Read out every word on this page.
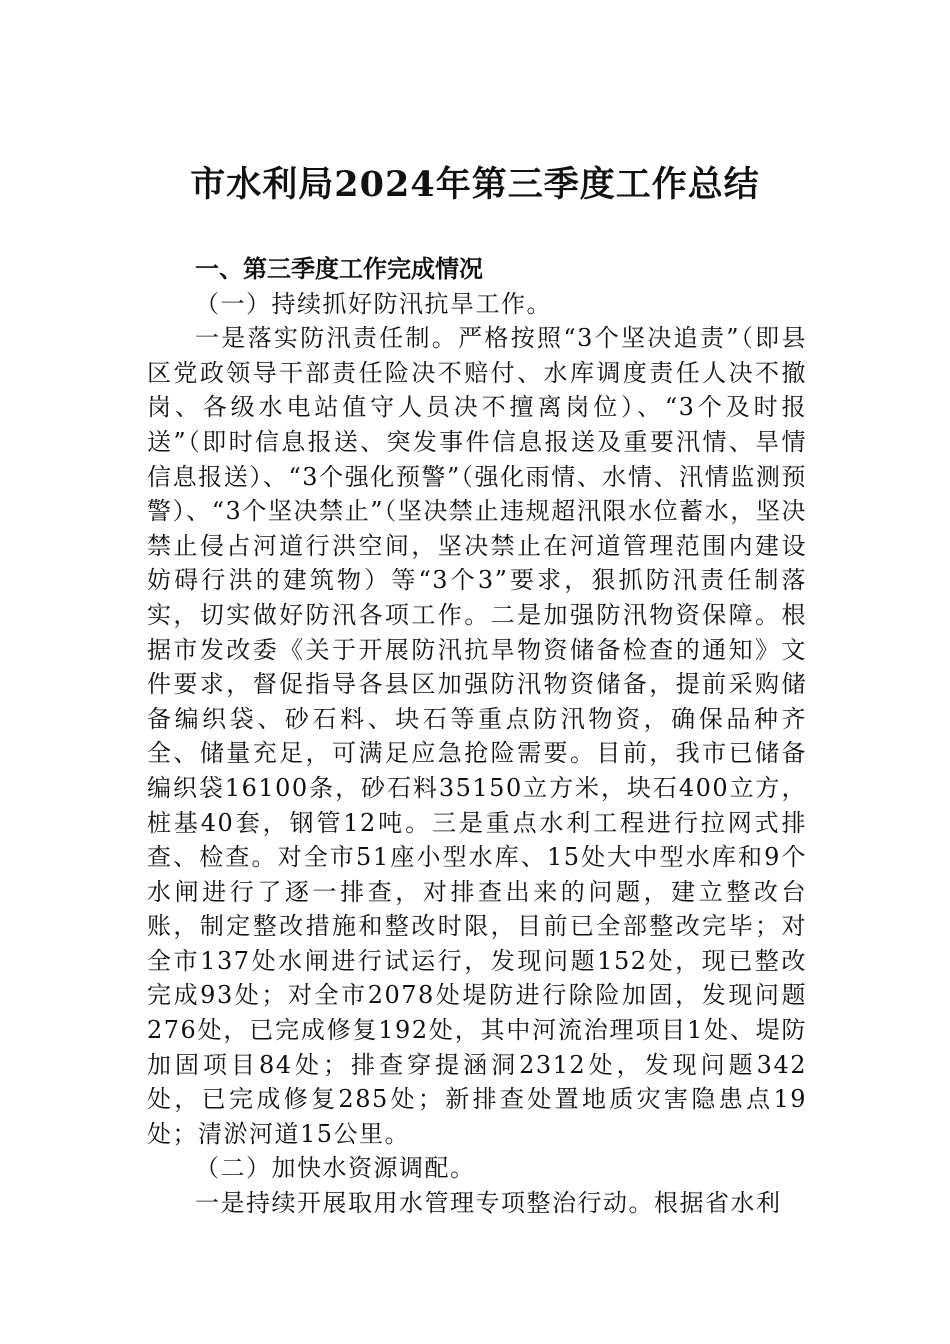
市水利局2024年第三季度工作总结

一、第三季度工作完成情况

（一）持续抓好防汛抗旱工作。

一是落实防汛责任制。严格按照“3个坚决追责”（即县区党政领导干部责任险决不赔付、水库调度责任人决不撤岗、各级水电站值守人员决不擅离岗位）、“3个及时报送”（即时信息报送、突发事件信息报送及重要汛情、旱情信息报送）、“3个强化预警”（强化雨情、水情、汛情监测预警）、“3个坚决禁止”（坚决禁止违规超汛限水位蓄水，坚决禁止侵占河道行洪空间，坚决禁止在河道管理范围内建设妨碍行洪的建筑物）等“3个3”要求，狠抓防汛责任制落实，切实做好防汛各项工作。二是加强防汛物资保障。根据市发改委《关于开展防汛抗旱物资储备检查的通知》文件要求，督促指导各县区加强防汛物资储备，提前采购储备编织袋、砂石料、块石等重点防汛物资，确保品种齐全、储量充足，可满足应急抢险需要。目前，我市已储备编织袋16100条，砂石料35150立方米，块石400立方，桩基40套，钢管12吨。三是重点水利工程进行拉网式排查、检查。对全市51座小型水库、15处大中型水库和9个水闸进行了逐一排查，对排查出来的问题，建立整改台账，制定整改措施和整改时限，目前已全部整改完毕；对全市137处水闸进行试运行，发现问题152处，现已整改完成93处；对全市2078处堤防进行除险加固，发现问题276处，已完成修复192处，其中河流治理项目1处、堤防加固项目84处；排查穿提涵洞2312处，发现问题342处，已完成修复285处；新排查处置地质灾害隐患点19处；清淤河道15公里。

（二）加快水资源调配。

一是持续开展取用水管理专项整治行动。根据省水利
